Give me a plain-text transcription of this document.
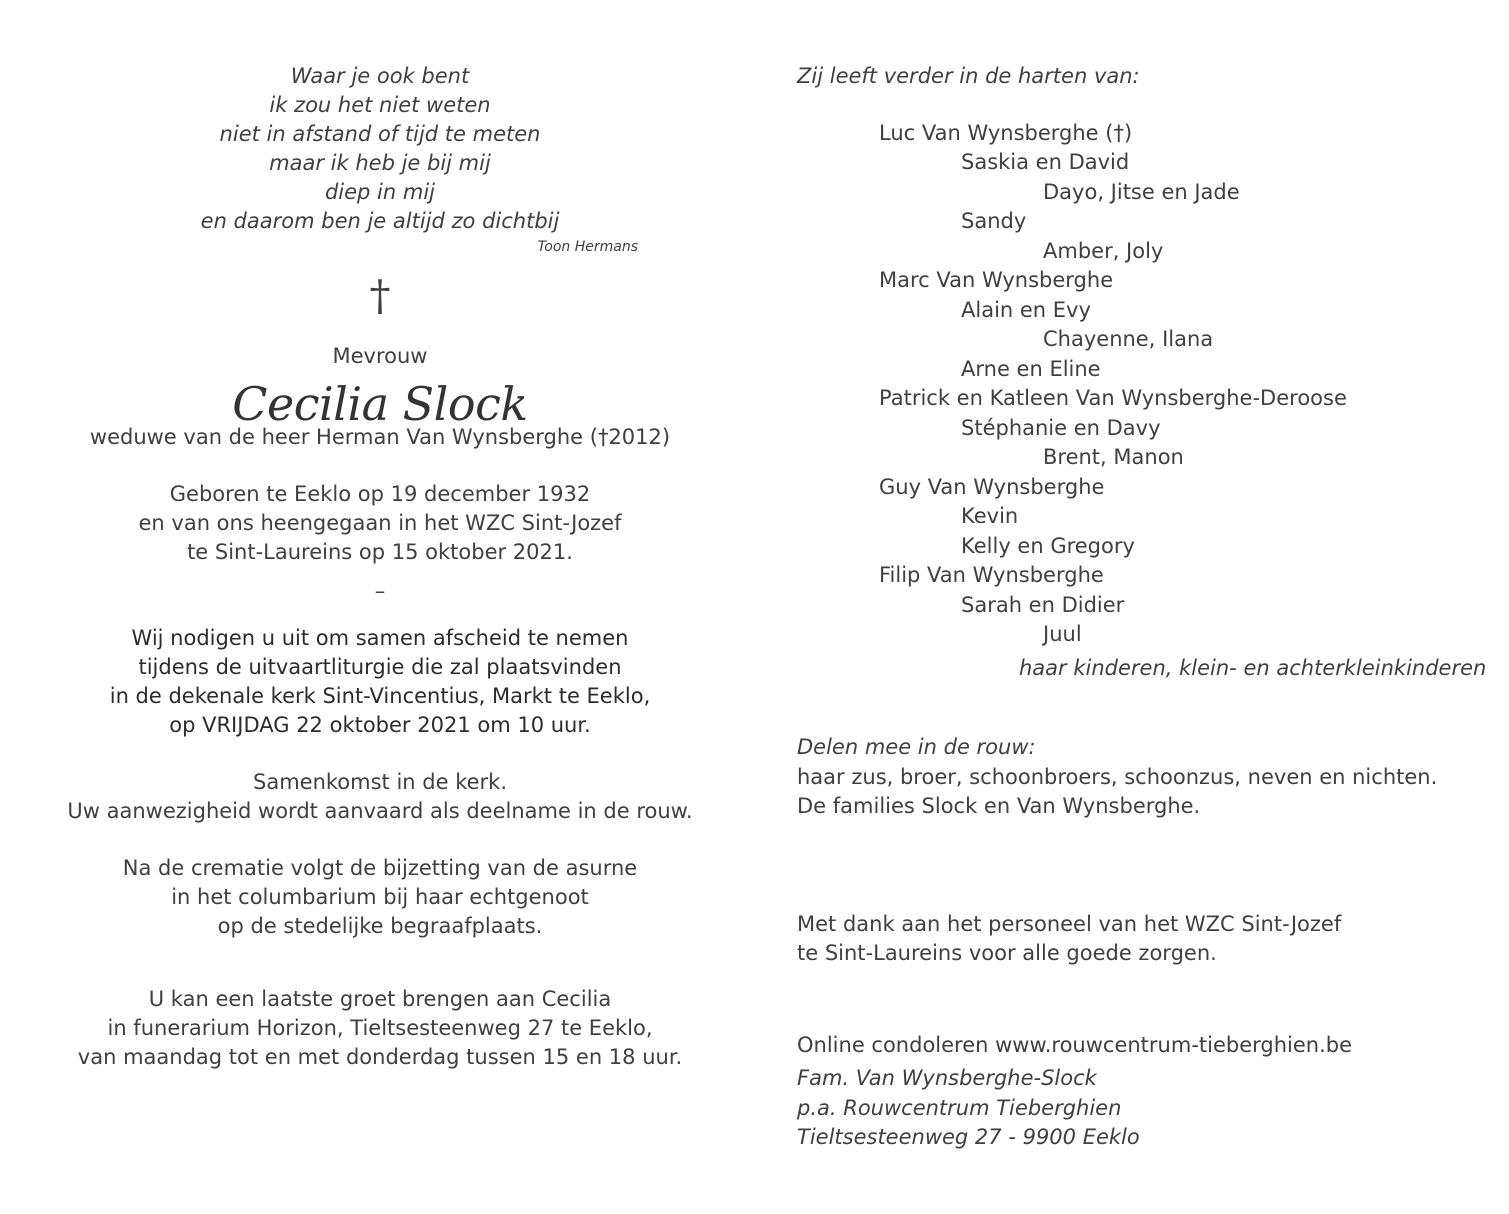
Waar je ook bent
ik zou het niet weten
niet in afstand of tijd te meten
maar ik heb je bij mij
diep in mij
en daarom ben je altijd zo dichtbij
Toon Hermans
†
Mevrouw
Cecilia Slock
weduwe van de heer Herman Van Wynsberghe (†2012)
Geboren te Eeklo op 19 december 1932
en van ons heengegaan in het WZC Sint-Jozef
te Sint-Laureins op 15 oktober 2021.
–
Wij nodigen u uit om samen afscheid te nemen
tijdens de uitvaartliturgie die zal plaatsvinden
in de dekenale kerk Sint-Vincentius, Markt te Eeklo,
op VRIJDAG 22 oktober 2021 om 10 uur.
Samenkomst in de kerk.
Uw aanwezigheid wordt aanvaard als deelname in de rouw.
Na de crematie volgt de bijzetting van de asurne
in het columbarium bij haar echtgenoot
op de stedelijke begraafplaats.
U kan een laatste groet brengen aan Cecilia
in funerarium Horizon, Tieltsesteenweg 27 te Eeklo,
van maandag tot en met donderdag tussen 15 en 18 uur.
Zij leeft verder in de harten van:
Luc Van Wynsberghe (†)
Saskia en David
Dayo, Jitse en Jade
Sandy
Amber, Joly
Marc Van Wynsberghe
Alain en Evy
Chayenne, Ilana
Arne en Eline
Patrick en Katleen Van Wynsberghe-Deroose
Stéphanie en Davy
Brent, Manon
Guy Van Wynsberghe
Kevin
Kelly en Gregory
Filip Van Wynsberghe
Sarah en Didier
Juul
haar kinderen, klein- en achterkleinkinderen
Delen mee in de rouw:
haar zus, broer, schoonbroers, schoonzus, neven en nichten.
De families Slock en Van Wynsberghe.
Met dank aan het personeel van het WZC Sint-Jozef
te Sint-Laureins voor alle goede zorgen.
Online condoleren www.rouwcentrum-tieberghien.be
Fam. Van Wynsberghe-Slock
p.a. Rouwcentrum Tieberghien
Tieltsesteenweg 27 - 9900 Eeklo
